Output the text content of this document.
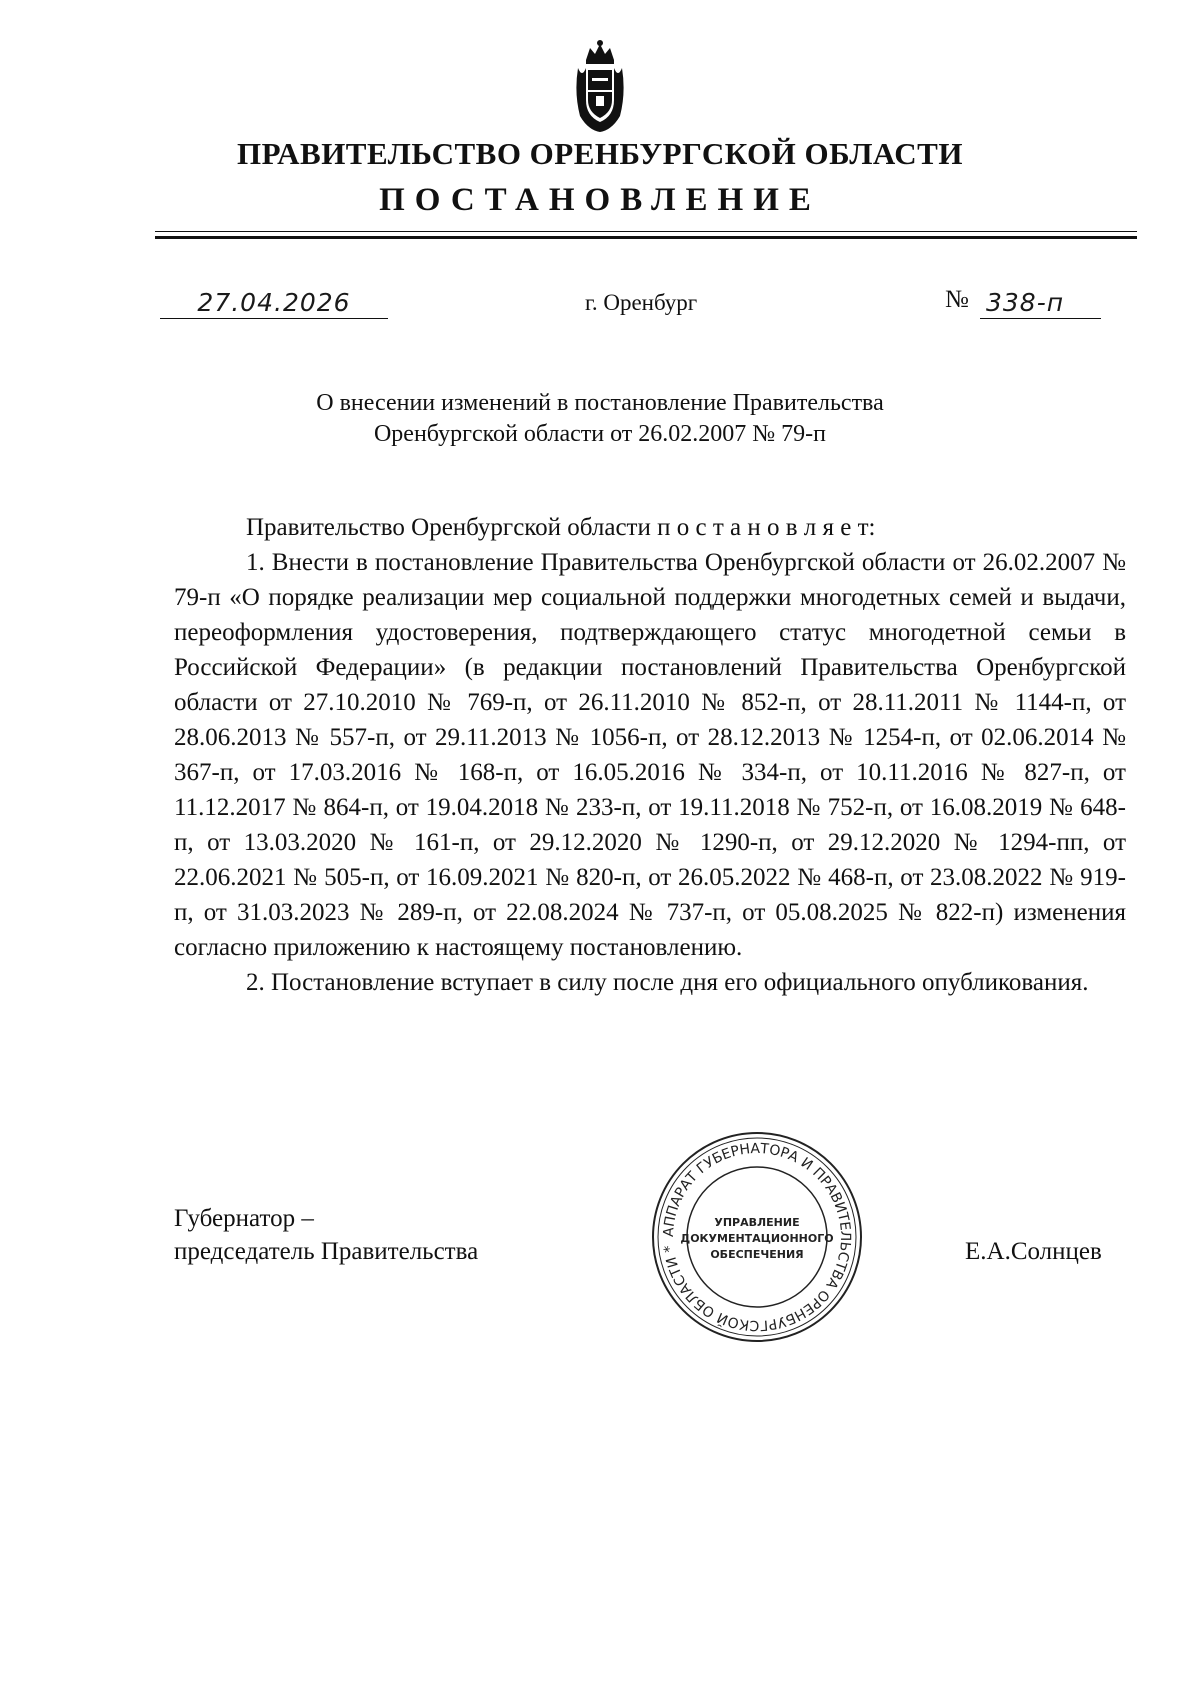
ПРАВИТЕЛЬСТВО ОРЕНБУРГСКОЙ ОБЛАСТИ
ПОСТАНОВЛЕНИЕ
27.04.2026	г. Оренбург	№ 338-п
О внесении изменений в постановление Правительства
Оренбургской области от 26.02.2007 № 79-п

Правительство Оренбургской области п о с т а н о в л я е т:

1. Внести в постановление Правительства Оренбургской области от 26.02.2007 № 79-п «О порядке реализации мер социальной поддержки многодетных семей и выдачи, переоформления удостоверения, подтверждающего статус многодетной семьи в Российской Федерации» (в редакции постановлений Правительства Оренбургской области от 27.10.2010 № 769-п, от 26.11.2010 № 852-п, от 28.11.2011 № 1144-п, от 28.06.2013 № 557-п, от 29.11.2013 № 1056-п, от 28.12.2013 № 1254-п, от 02.06.2014 № 367-п, от 17.03.2016 № 168-п, от 16.05.2016 № 334-п, от 10.11.2016 № 827-п, от 11.12.2017 № 864-п, от 19.04.2018 № 233-п, от 19.11.2018 № 752-п, от 16.08.2019 № 648-п, от 13.03.2020 № 161-п, от 29.12.2020 № 1290-п, от 29.12.2020 № 1294-пп, от 22.06.2021 № 505-п, от 16.09.2021 № 820-п, от 26.05.2022 № 468-п, от 23.08.2022 № 919-п, от 31.03.2023 № 289-п, от 22.08.2024 № 737-п, от 05.08.2025 № 822-п) изменения согласно приложению к настоящему постановлению.

2. Постановление вступает в силу после дня его официального опубликования.

Губернатор –
председатель Правительства
АППАРАТ ГУБЕРНАТОРА И ПРАВИТЕЛЬСТВА ОРЕНБУРГСКОЙ ОБЛАСТИ *
УПРАВЛЕНИЕ
ДОКУМЕНТАЦИОННОГО
ОБЕСПЕЧЕНИЯ	Е.А.Солнцев
